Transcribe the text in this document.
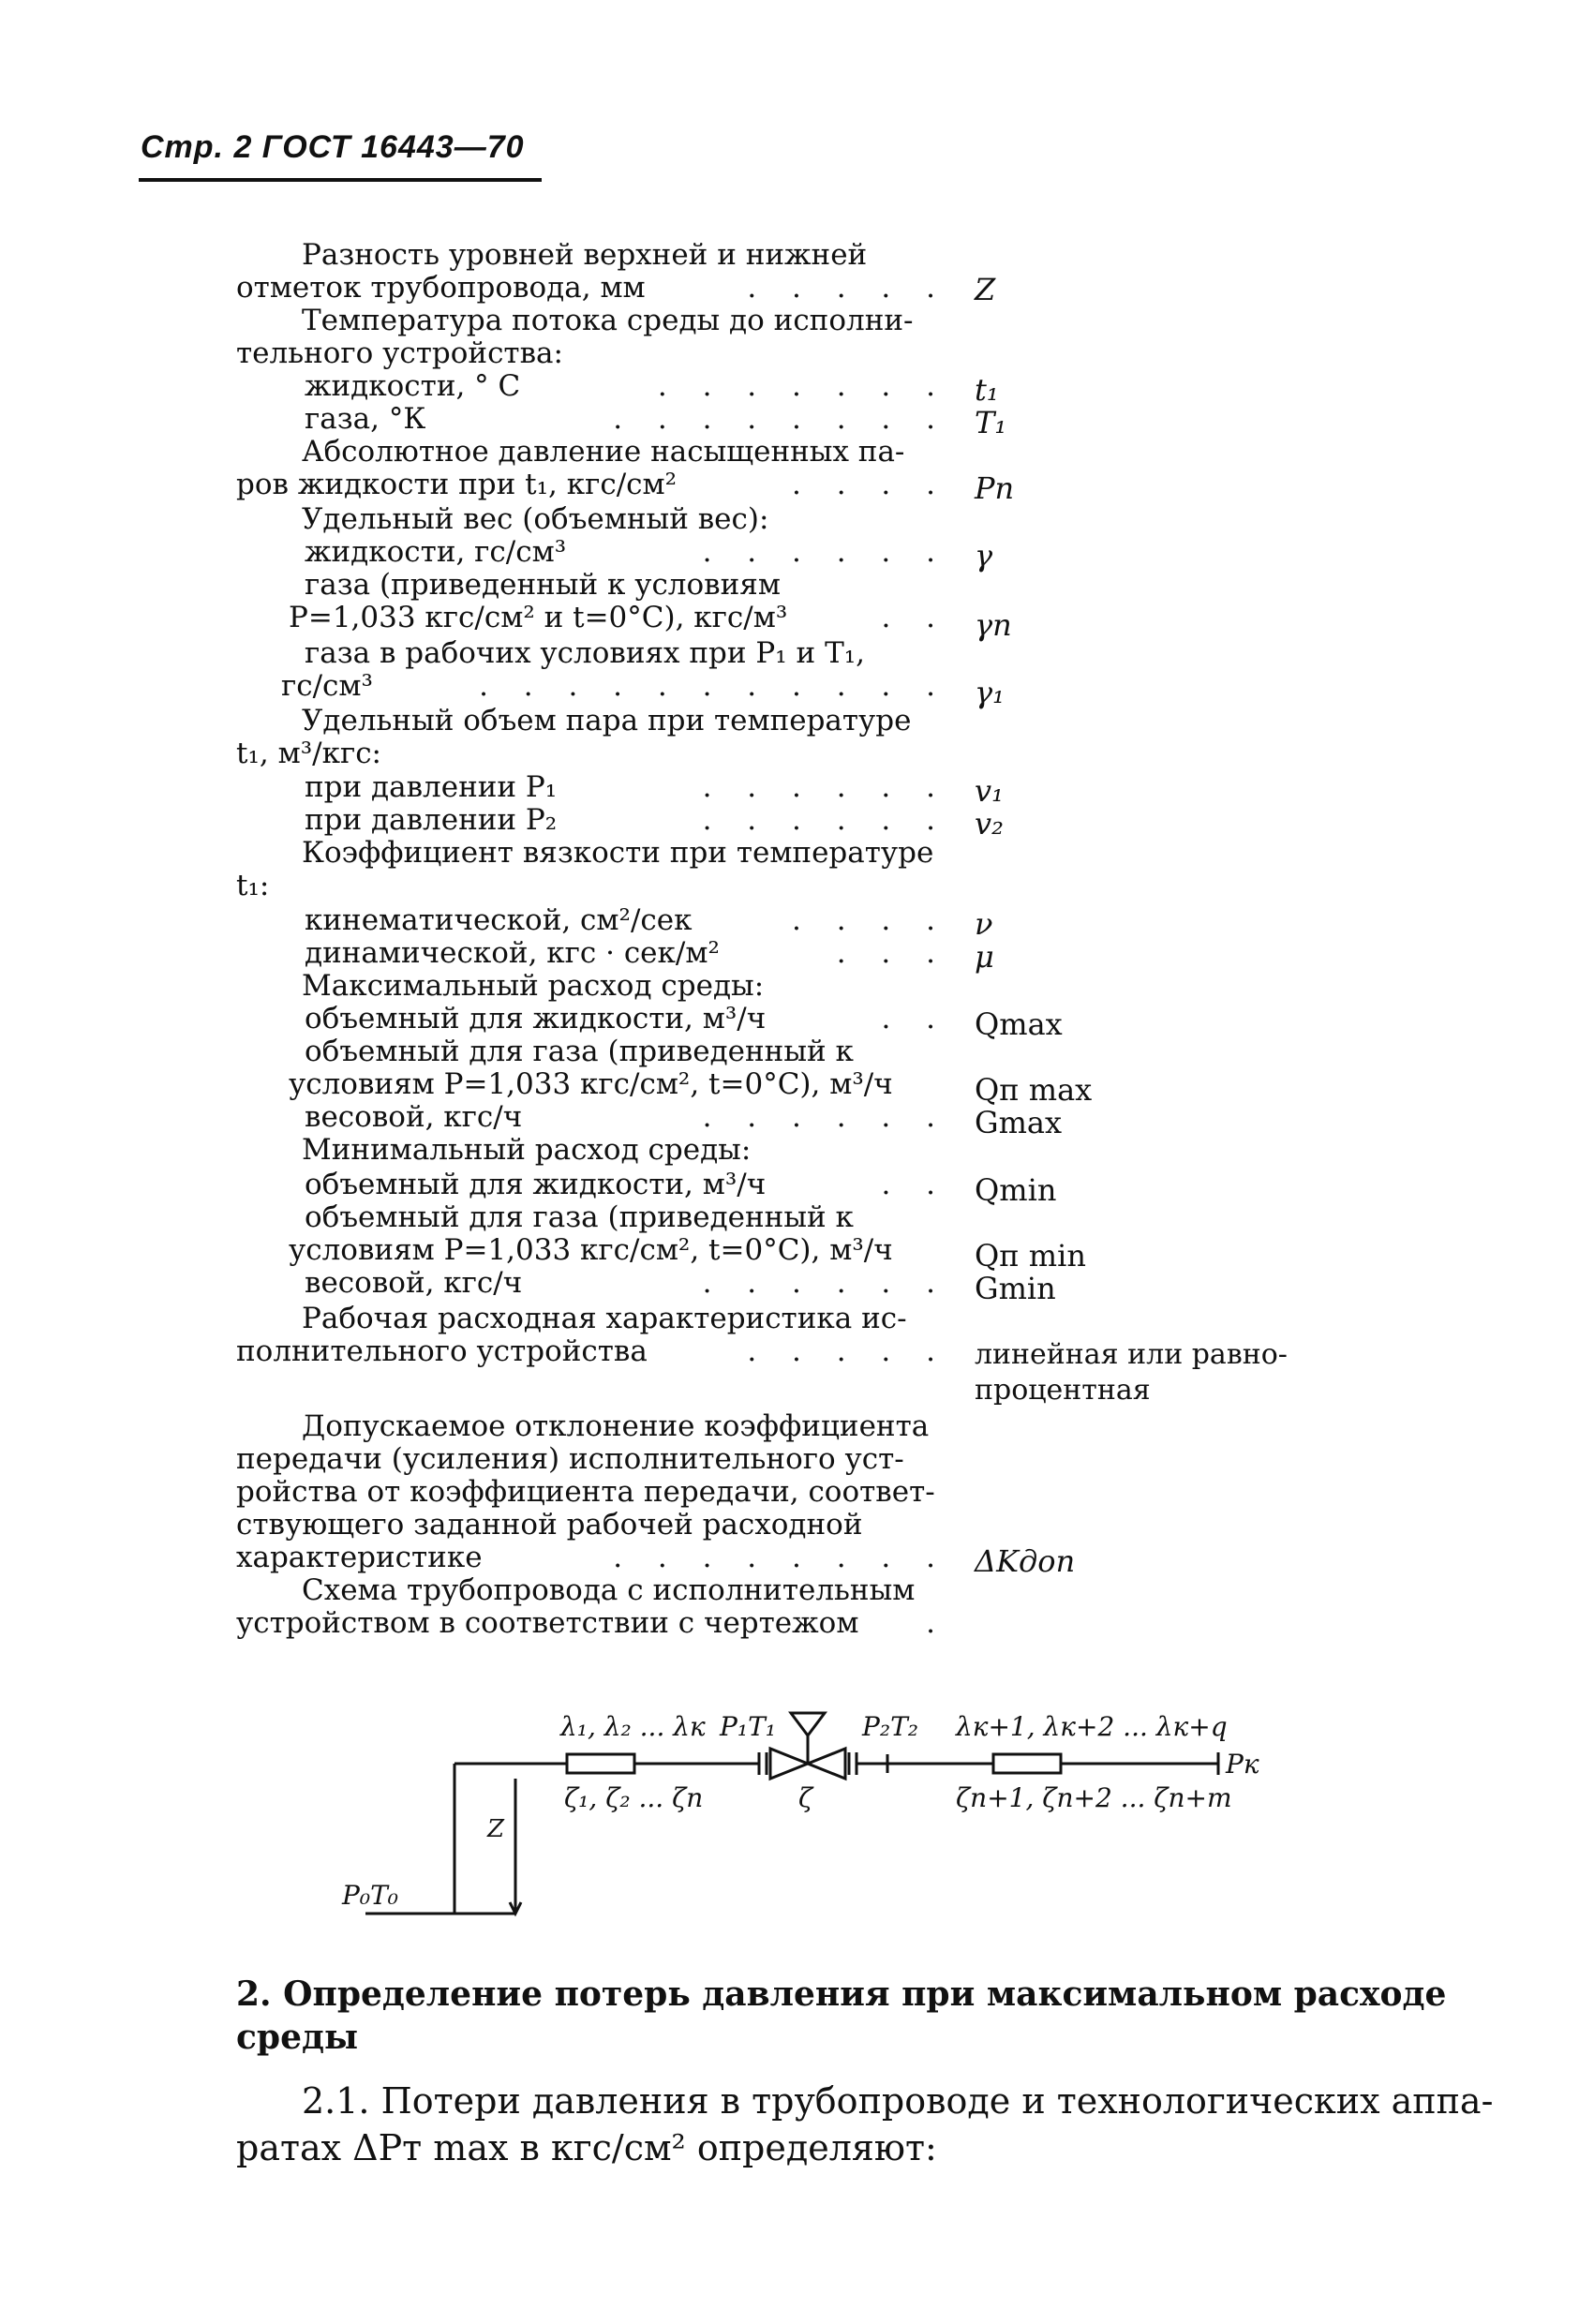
Стр. 2 ГОСТ 16443—70
Разность уровней верхней и нижней
отметок трубопровода, мм	. . . . . Z
Температура потока среды до исполни-
тельного устройства:
жидкости, ° С	. . . . . . . t₁
газа, °К	. . . . . . . . T₁
Абсолютное давление насыщенных па-
ров жидкости при t₁, кгс/см²	. . . . Pп
Удельный вес (объемный вес):
жидкости, гс/см³	. . . . . . γ
газа (приведенный к условиям
P=1,033 кгс/см² и t=0°С), кгс/м³	. . γп
газа в рабочих условиях при P₁ и T₁,
гс/см³	. . . . . . . . . . . γ₁
Удельный объем пара при температуре
t₁, м³/кгс:
при давлении P₁	. . . . . . v₁
при давлении P₂	. . . . . . v₂
Коэффициент вязкости при температуре
t₁:
кинематической, см²/сек	. . . . ν
динамической, кгс · сек/м²	. . . μ
Максимальный расход среды:
объемный для жидкости, м³/ч	. . Qmax
объемный для газа (приведенный к
условиям P=1,033 кгс/см², t=0°С), м³/ч	Qп max
весовой, кгс/ч	. . . . . . Gmax
Минимальный расход среды:
объемный для жидкости, м³/ч	. . Qmin
объемный для газа (приведенный к
условиям P=1,033 кгс/см², t=0°С), м³/ч	Qп min
весовой, кгс/ч	. . . . . . Gmin
Рабочая расходная характеристика ис-
полнительного устройства	. . . . . линейная или равно-процентная
Допускаемое отклонение коэффициента
передачи (усиления) исполнительного уст-
ройства от коэффициента передачи, соответ-
ствующего заданной рабочей расходной
характеристике	. . . . . . . . ΔKдоп
Схема трубопровода с исполнительным
устройством в соответствии с чертежом .
λ₁, λ₂ ... λк
ζ₁, ζ₂ ... ζn
P₁T₁
ζ
P₂T₂ λк+1, λк+2 ... λк+q
ζn+1, ζn+2 ... ζn+m
Pк
P₀T₀
Z
2. Определение потерь давления при максимальном расходе
среды
2.1. Потери давления в трубопроводе и технологических аппа-
ратах ΔPт max в кгс/см² определяют:
